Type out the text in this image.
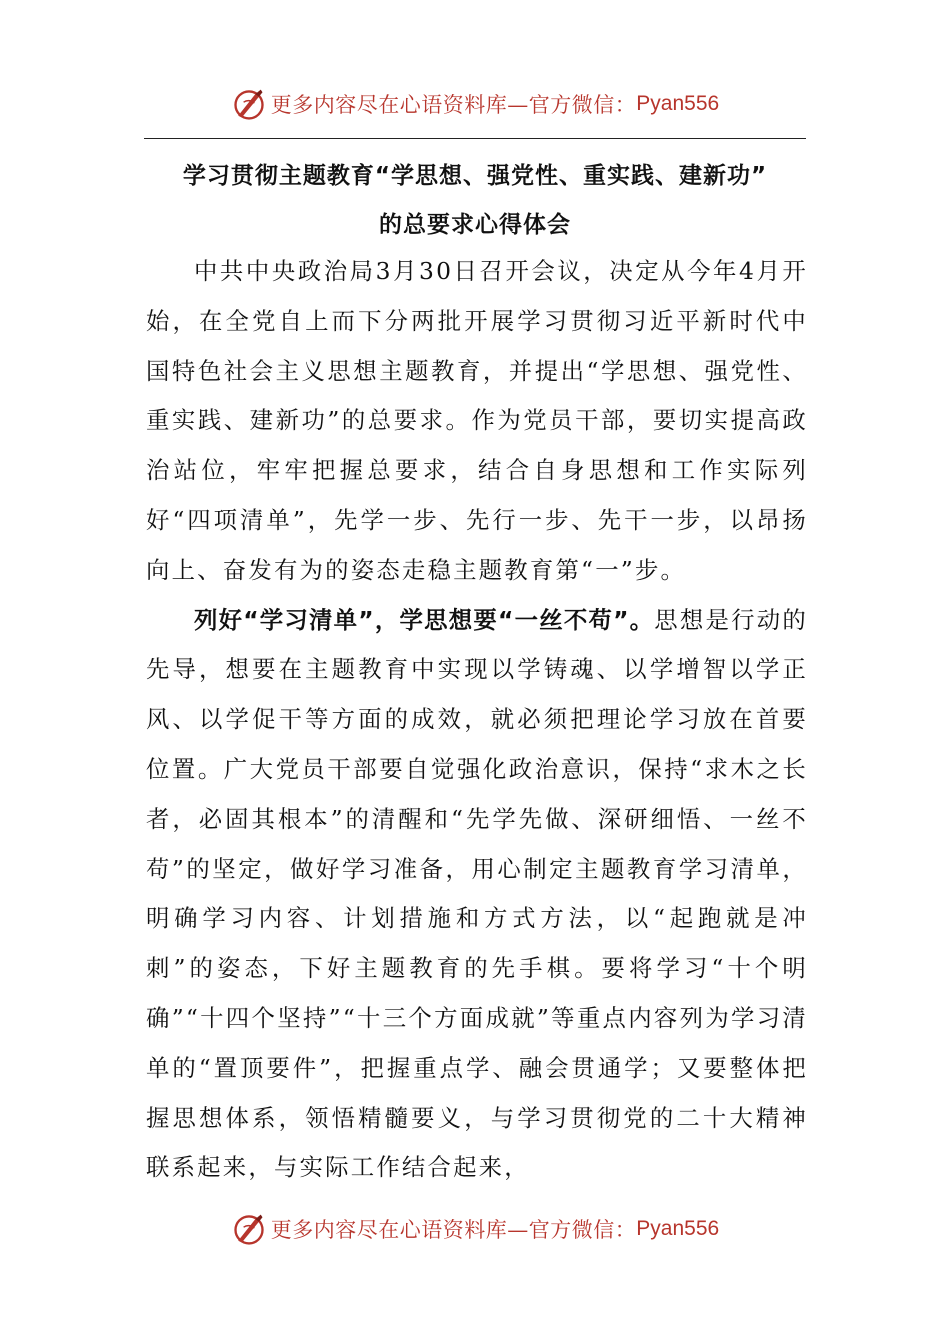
更多内容尽在心语资料库—官方微信： Pyan556
学习贯彻主题教育“学思想、强党性、重实践、建新功”
的总要求心得体会

中共中央政治局3月30日召开会议，决定从今年4月开始，在全党自上而下分两批开展学习贯彻习近平新时代中国特色社会主义思想主题教育，并提出“学思想、强党性、重实践、建新功”的总要求。作为党员干部，要切实提高政治站位，牢牢把握总要求，结合自身思想和工作实际列好“四项清单”，先学一步、先行一步、先干一步，以昂扬向上、奋发有为的姿态走稳主题教育第“一”步。

列好“学习清单”，学思想要“一丝不苟”。思想是行动的先导，想要在主题教育中实现以学铸魂、以学增智以学正风、以学促干等方面的成效，就必须把理论学习放在首要位置。广大党员干部要自觉强化政治意识，保持“求木之长者，必固其根本”的清醒和“先学先做、深研细悟、一丝不苟”的坚定，做好学习准备，用心制定主题教育学习清单，明确学习内容、计划措施和方式方法，以“起跑就是冲刺”的姿态，下好主题教育的先手棋。要将学习“十个明确”“十四个坚持”“十三个方面成就”等重点内容列为学习清单的“置顶要件”，把握重点学、融会贯通学；又要整体把握思想体系，领悟精髓要义，与学习贯彻党的二十大精神联系起来，与实际工作结合起来，

更多内容尽在心语资料库—官方微信： Pyan556
